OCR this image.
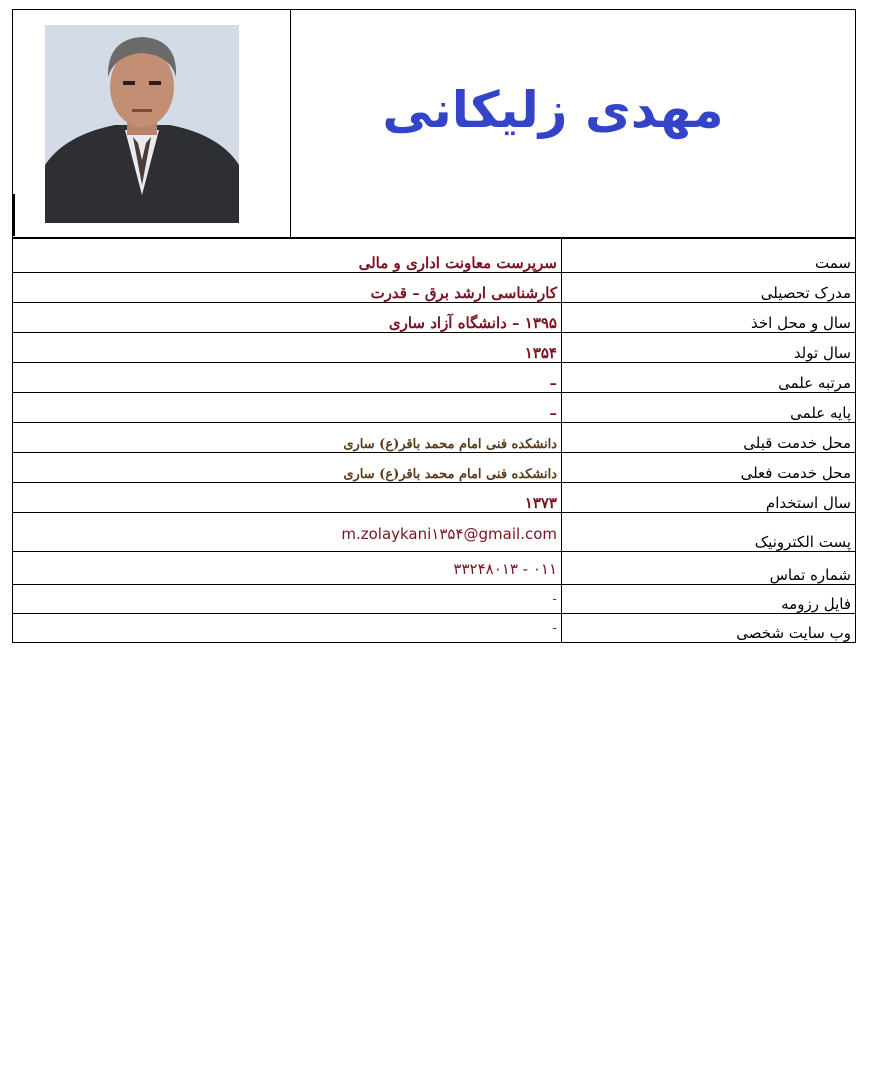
مهدی زلیکانی
سرپرست معاونت اداری و مالی	سمت
کارشناسی ارشد برق – قدرت	مدرک تحصیلی
۱۳۹۵ – دانشگاه آزاد ساری	سال و محل اخذ
۱۳۵۴	سال تولد
–	مرتبه علمی
–	پایه علمی
دانشکده فنی امام محمد باقر(ع) ساری	محل خدمت قبلی
دانشکده فنی امام محمد باقر(ع) ساری	محل خدمت فعلی
۱۳۷۳	سال استخدام
m.zolaykani۱۳۵۴@gmail.com	پست الکترونیک
۰۱۱ - ۳۳۲۴۸۰۱۳	شماره تماس
-	فایل رزومه
-	وب سایت شخصی
